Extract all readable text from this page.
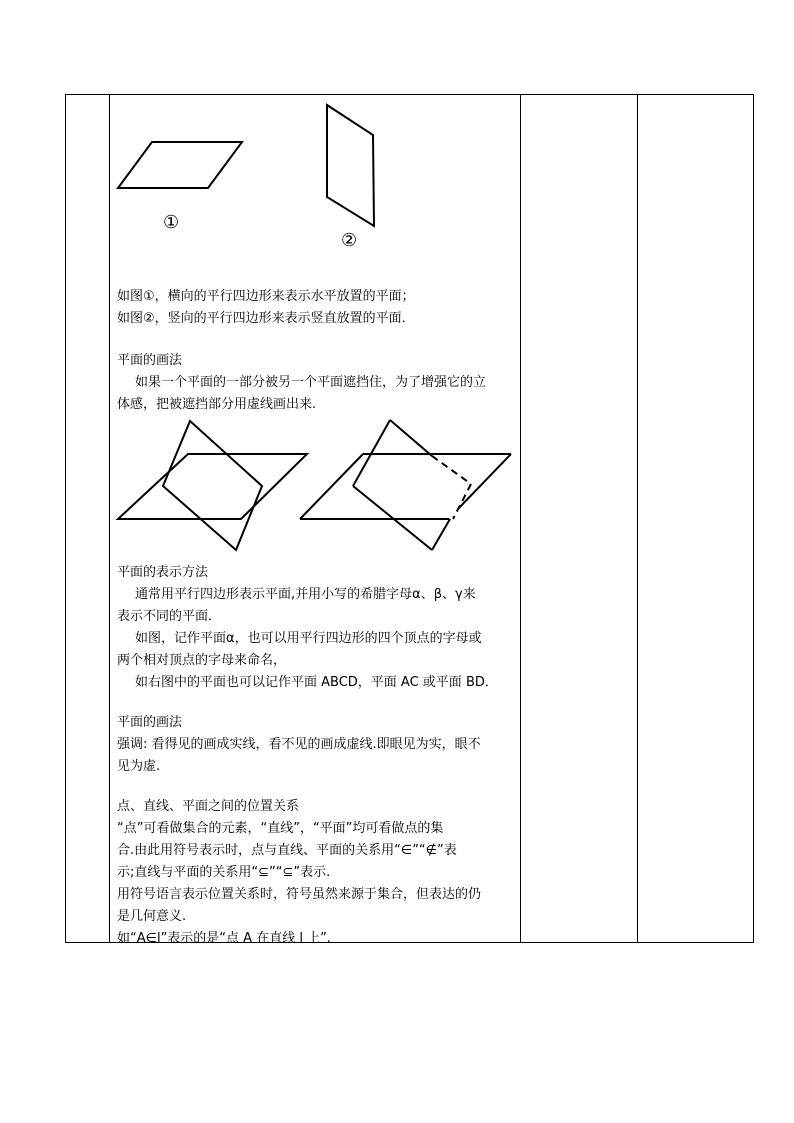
①
②
如图①，横向的平行四边形来表示水平放置的平面；
如图②，竖向的平行四边形来表示竖直放置的平面．
平面的画法
如果一个平面的一部分被另一个平面遮挡住，为了增强它的立
体感，把被遮挡部分用虚线画出来.
平面的表示方法
通常用平行四边形表示平面,并用小写的希腊字母α、β、γ来
表示不同的平面．
如图，记作平面α，也可以用平行四边形的四个顶点的字母或
两个相对顶点的字母来命名，
如右图中的平面也可以记作平面 ABCD，平面 AC 或平面 BD．
平面的画法
强调: 看得见的画成实线，看不见的画成虚线.即眼见为实，眼不
见为虚.
点、直线、平面之间的位置关系
“点”可看做集合的元素，“直线”，“平面”均可看做点的集
合.由此用符号表示时，点与直线、平面的关系用“∈”“∉”表
示;直线与平面的关系用“⊆”“⊆”表示.
用符号语言表示位置关系时，符号虽然来源于集合，但表达的仍
是几何意义.
如“A∈l”表示的是“点 A 在直线 l 上”.
